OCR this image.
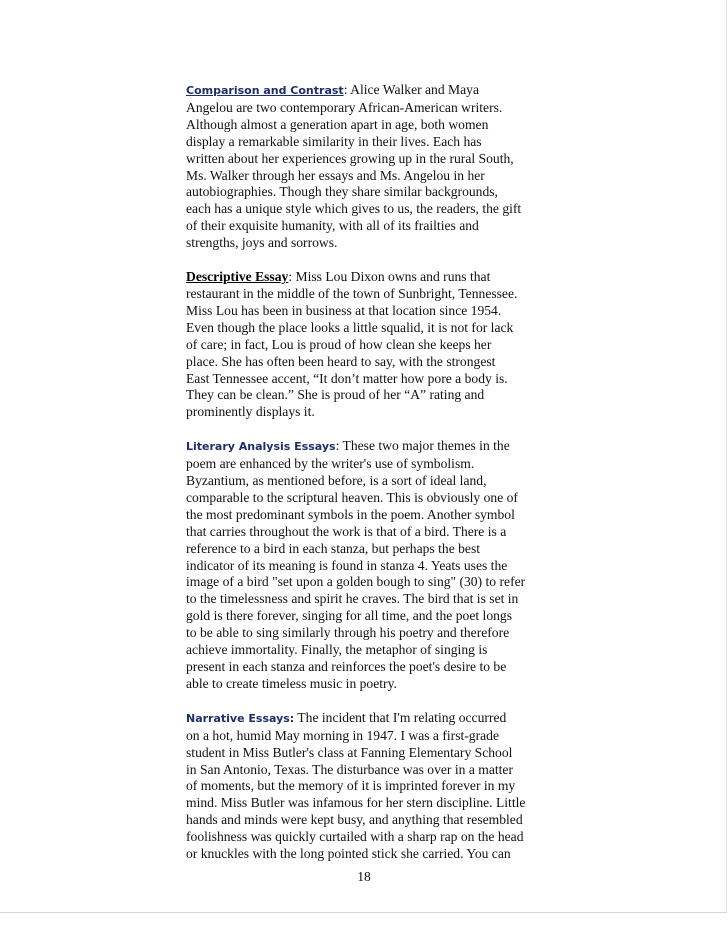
Comparison and Contrast: Alice Walker and Maya
Angelou are two contemporary African-American writers.
Although almost a generation apart in age, both women
display a remarkable similarity in their lives. Each has
written about her experiences growing up in the rural South,
Ms. Walker through her essays and Ms. Angelou in her
autobiographies. Though they share similar backgrounds,
each has a unique style which gives to us, the readers, the gift
of their exquisite humanity, with all of its frailties and
strengths, joys and sorrows.

Descriptive Essay: Miss Lou Dixon owns and runs that
restaurant in the middle of the town of Sunbright, Tennessee.
Miss Lou has been in business at that location since 1954.
Even though the place looks a little squalid, it is not for lack
of care; in fact, Lou is proud of how clean she keeps her
place. She has often been heard to say, with the strongest
East Tennessee accent, “It don’t matter how pore a body is.
They can be clean.” She is proud of her “A” rating and
prominently displays it.

Literary Analysis Essays: These two major themes in the
poem are enhanced by the writer's use of symbolism.
Byzantium, as mentioned before, is a sort of ideal land,
comparable to the scriptural heaven. This is obviously one of
the most predominant symbols in the poem. Another symbol
that carries throughout the work is that of a bird. There is a
reference to a bird in each stanza, but perhaps the best
indicator of its meaning is found in stanza 4. Yeats uses the
image of a bird "set upon a golden bough to sing" (30) to refer
to the timelessness and spirit he craves. The bird that is set in
gold is there forever, singing for all time, and the poet longs
to be able to sing similarly through his poetry and therefore
achieve immortality. Finally, the metaphor of singing is
present in each stanza and reinforces the poet's desire to be
able to create timeless music in poetry.

Narrative Essays: The incident that I'm relating occurred
on a hot, humid May morning in 1947. I was a first-grade
student in Miss Butler's class at Fanning Elementary School
in San Antonio, Texas. The disturbance was over in a matter
of moments, but the memory of it is imprinted forever in my
mind. Miss Butler was infamous for her stern discipline. Little
hands and minds were kept busy, and anything that resembled
foolishness was quickly curtailed with a sharp rap on the head
or knuckles with the long pointed stick she carried. You can

18
